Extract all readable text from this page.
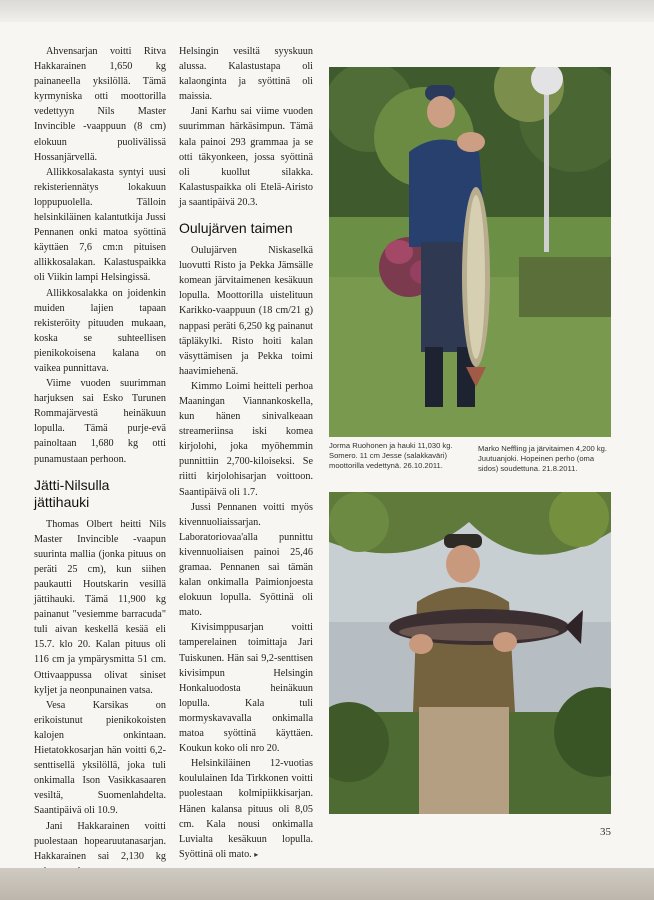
Ahvensarjan voitti Ritva Hakkarainen 1,650 kg painaneella yksilöllä. Tämä kyrmyniska otti moottorilla vedettyyn Nils Master Invincible -vaappuun (8 cm) elokuun puolivälissä Hossanjärvellä.

Allikkosalakasta syntyi uusi rekisteriennätys lokakuun loppupuolella. Tälloin helsinkiläinen kalantutkija Jussi Pennanen onki matoa syöttinä käyttäen 7,6 cm:n pituisen allikkosalakan. Kalastuspaikka oli Viikin lampi Helsingissä.

Allikkosalakka on joidenkin muiden lajien tapaan rekisteröity pituuden mukaan, koska se suhteellisen pienikokoisena kalana on vaikea punnittava.

Viime vuoden suurimman harjuksen sai Esko Turunen Rommajärvestä heinäkuun lopulla. Tämä purje-evä painoltaan 1,680 kg otti punamustaan perhoon.

Jätti-Nilsulla jättihauki

Thomas Olbert heitti Nils Master Invincible -vaapun suurinta mallia (jonka pituus on peräti 25 cm), kun siihen paukautti Houtskarin vesillä jättihauki. Tämä 11,900 kg painanut "vesiemme barracuda" tuli aivan keskellä kesää eli 15.7. klo 20. Kalan pituus oli 116 cm ja ympärysmitta 51 cm. Ottivaappussa olivat siniset kyljet ja neonpunainen vatsa.

Vesa Karsikas on erikoistunut pienikokoisten kalojen onkintaan. Hietatokkosarjan hän voitti 6,2-senttisellä yksilöllä, joka tuli onkimalla Ison Vasikkasaaren vesiltä, Suomenlahdelta. Saantipäivä oli 10.9.

Jani Hakkarainen voitti puolestaan hopearuutanasarjan. Hakkarainen sai 2,130 kg

Helsingin vesiltä syyskuun alussa. Kalastustapa oli kalaonginta ja syöttinä oli maissia.

Jani Karhu sai viime vuoden suurimman härkäsimpun. Tämä kala painoi 293 grammaa ja se otti täkyonkeen, jossa syöttinä oli kuollut silakka. Kalastuspaikka oli Etelä-Airisto ja saantipäivä 20.3.

Oulujärven taimen

Oulujärven Niskaselkä luovutti Risto ja Pekka Jämsälle komean järvitaimenen kesäkuun lopulla. Moottorilla uistelituun Karikko-vaappuun (18 cm/21 g) nappasi peräti 6,250 kg painanut täpläkylki. Risto hoiti kalan väsyttämisen ja Pekka toimi haavimiehenä.

Kimmo Loimi heitteli perhoa Maaningan Viannankoskella, kun hänen sinivalkeaan streameriinsa iski komea kirjolohi, joka myöhemmin punnittiin 2,700-kiloiseksi. Se riitti kirjolohisarjan voittoon. Saantipäivä oli 1.7.

Jussi Pennanen voitti myös kivennuoliaissarjan. Laboratoriovaa'alla punnittu kivennuoliaisen painoi 25,46 gramaa. Pennanen sai tämän kalan onkimalla Paimionjoesta elokuun lopulla. Syöttinä oli mato.

Kivisimppusarjan voitti tamperelainen toimittaja Jari Tuiskunen. Hän sai 9,2-senttisen kivisimpun Helsingin Honkaluodosta heinäkuun lopulla. Kala tuli mormyskavavalla onkimalla matoa syöttinä käyttäen. Koukun koko oli nro 20.

Helsinkiläinen 12-vuotias koululainen Ida Tirkkonen voitti puolestaan kolmipiikkisarjan. Hänen kalansa pituus oli 8,05 cm. Kala nousi onkimalla Luvialta kesäkuun lopulla. Syöttinä oli mato. ▸

Jorma Ruohonen ja hauki 11,030 kg. Somero. 11 cm Jesse (salakkaväri) moottorilla vedettynä. 26.10.2011.
Marko Neffling ja järvitaimen 4,200 kg. Juutuanjoki. Hopeinen perho (oma sidos) soudettuna. 21.8.2011.
35
